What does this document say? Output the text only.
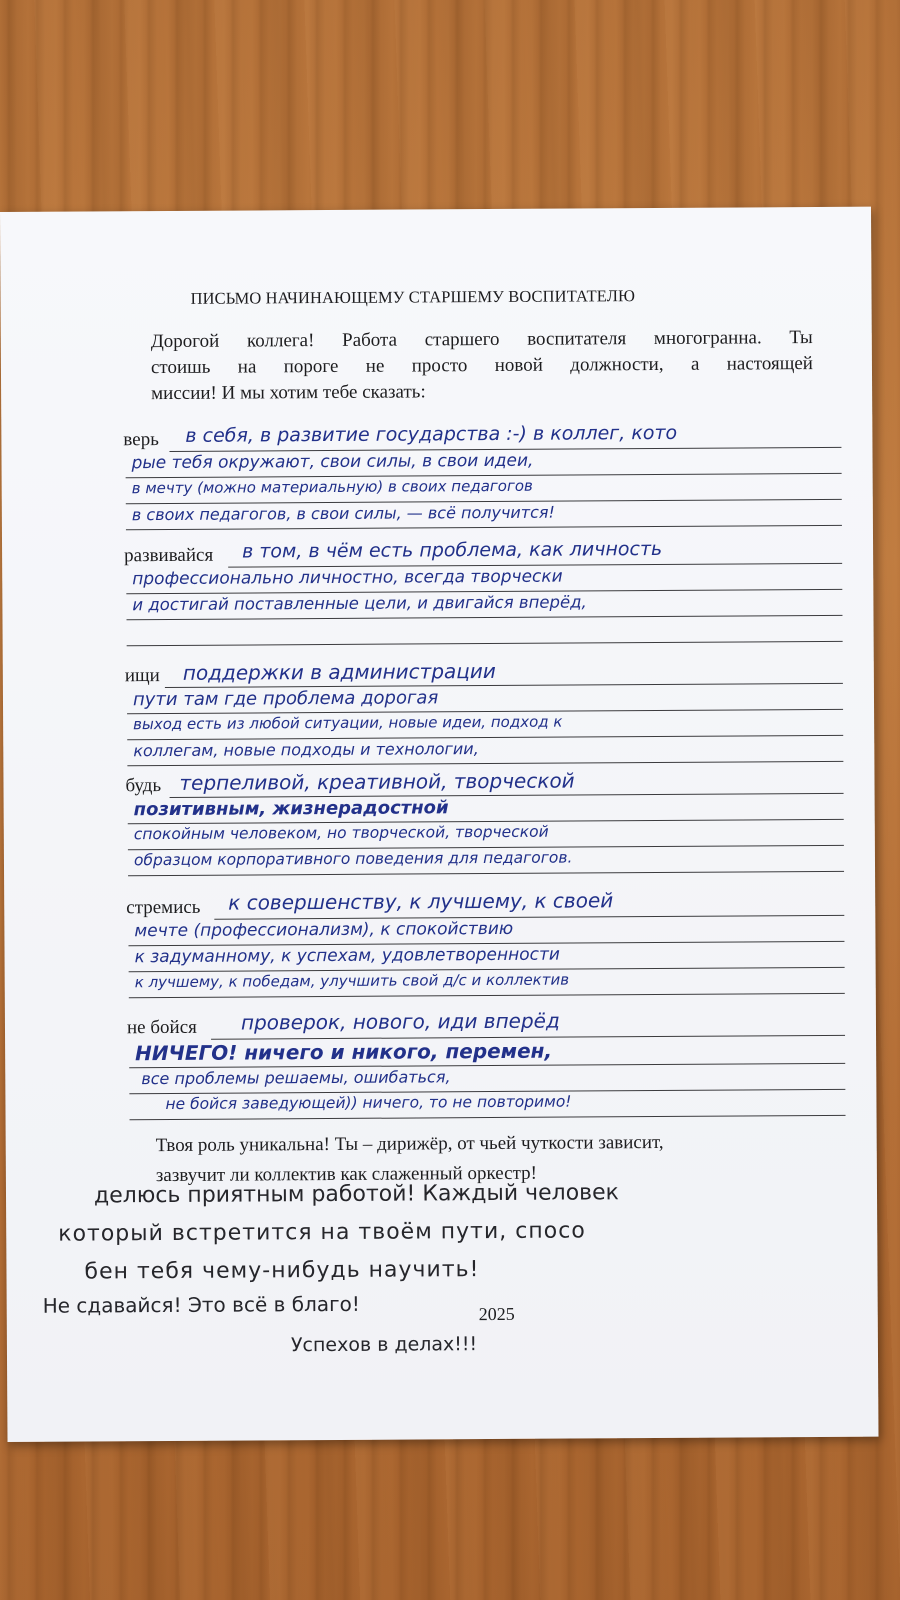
ПИСЬМО НАЧИНАЮЩЕМУ СТАРШЕМУ ВОСПИТАТЕЛЮ
Дорогой коллега! Работа старшего воспитателя многогранна. Ты
стоишь на пороге не просто новой должности, а настоящей
миссии! И мы хотим тебе сказать:
верь в себя, в развитие государства :-) в коллег, кото
рые тебя окружают, свои силы, в свои идеи,
в мечту (можно материальную) в своих педагогов
в своих педагогов, в свои силы, — всё получится!
развивайся в том, в чём есть проблема, как личность
профессионально личностно, всегда творчески
и достигай поставленные цели, и двигайся вперёд,
ищи поддержки в администрации
пути там где проблема дорогая
выход есть из любой ситуации, новые идеи, подход к
коллегам, новые подходы и технологии,
будь терпеливой, креативной, творческой
позитивным, жизнерадостной
спокойным человеком, но творческой, творческой
образцом корпоративного поведения для педагогов.
стремись к совершенству, к лучшему, к своей
мечте (профессионализм), к спокойствию
к задуманному, к успехам, удовлетворенности
к лучшему, к победам, улучшить свой д/с и коллектив
не бойся проверок, нового, иди вперёд
НИЧЕГО! ничего и никого, перемен,
все проблемы решаемы, ошибаться,
не бойся заведующей)) ничего, то не повторимо!
Твоя роль уникальна! Ты – дирижёр, от чьей чуткости зависит,
зазвучит ли коллектив как слаженный оркестр!
делюсь приятным работой! Каждый человек
который встретится на твоём пути, спосо
бен тебя чему-нибудь научить!
Не сдавайся! Это всё в благо!	2025
Успехов в делах!!!
